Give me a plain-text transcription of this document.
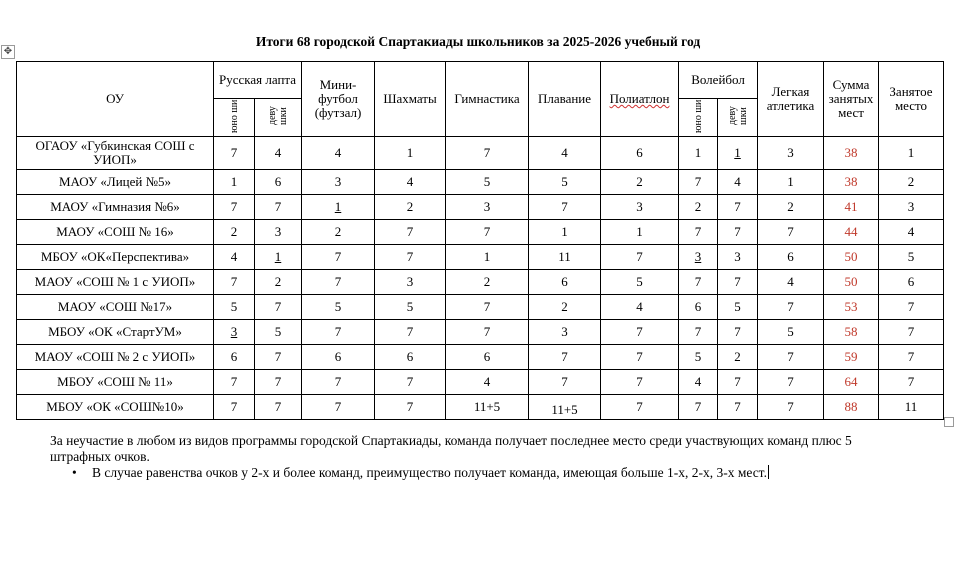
✥
Итоги 68 городской Спартакиады школьников за 2025-2026 учебный год
ОУ	Русская лапта		Мини-футбол (футзал)	Шахматы	Гимнастика	Плавание	Полиатлон	Волейбол		Легкая атлетика	Сумма занятых мест	Занятое место
	юно ши	деву шки						юно ши	деву шки			
ОГАОУ «Губкинская СОШ с УИОП»	7	4	4	1	7	4	6	1	1	3	38	1
МАОУ «Лицей №5»	1	6	3	4	5	5	2	7	4	1	38	2
МАОУ «Гимназия №6»	7	7	1	2	3	7	3	2	7	2	41	3
МАОУ «СОШ № 16»	2	3	2	7	7	1	1	7	7	7	44	4
МБОУ «ОК«Перспектива»	4	1	7	7	1	11	7	3	3	6	50	5
МАОУ «СОШ № 1 с УИОП»	7	2	7	3	2	6	5	7	7	4	50	6
МАОУ «СОШ №17»	5	7	5	5	7	2	4	6	5	7	53	7
МБОУ «ОК «СтартУМ»	3	5	7	7	7	3	7	7	7	5	58	7
МАОУ «СОШ № 2 с УИОП»	6	7	6	6	6	7	7	5	2	7	59	7
МБОУ «СОШ № 11»	7	7	7	7	4	7	7	4	7	7	64	7
МБОУ «ОК «СОШ№10»	7	7	7	7	11+5	11+5	7	7	7	7	88	11
За неучастие в любом из видов программы городской Спартакиады, команда получает последнее место среди участвующих команд плюс 5 штрафных очков.
• В случае равенства очков у 2-х и более команд, преимущество получает команда, имеющая больше 1-х, 2-х, 3-х мест.
